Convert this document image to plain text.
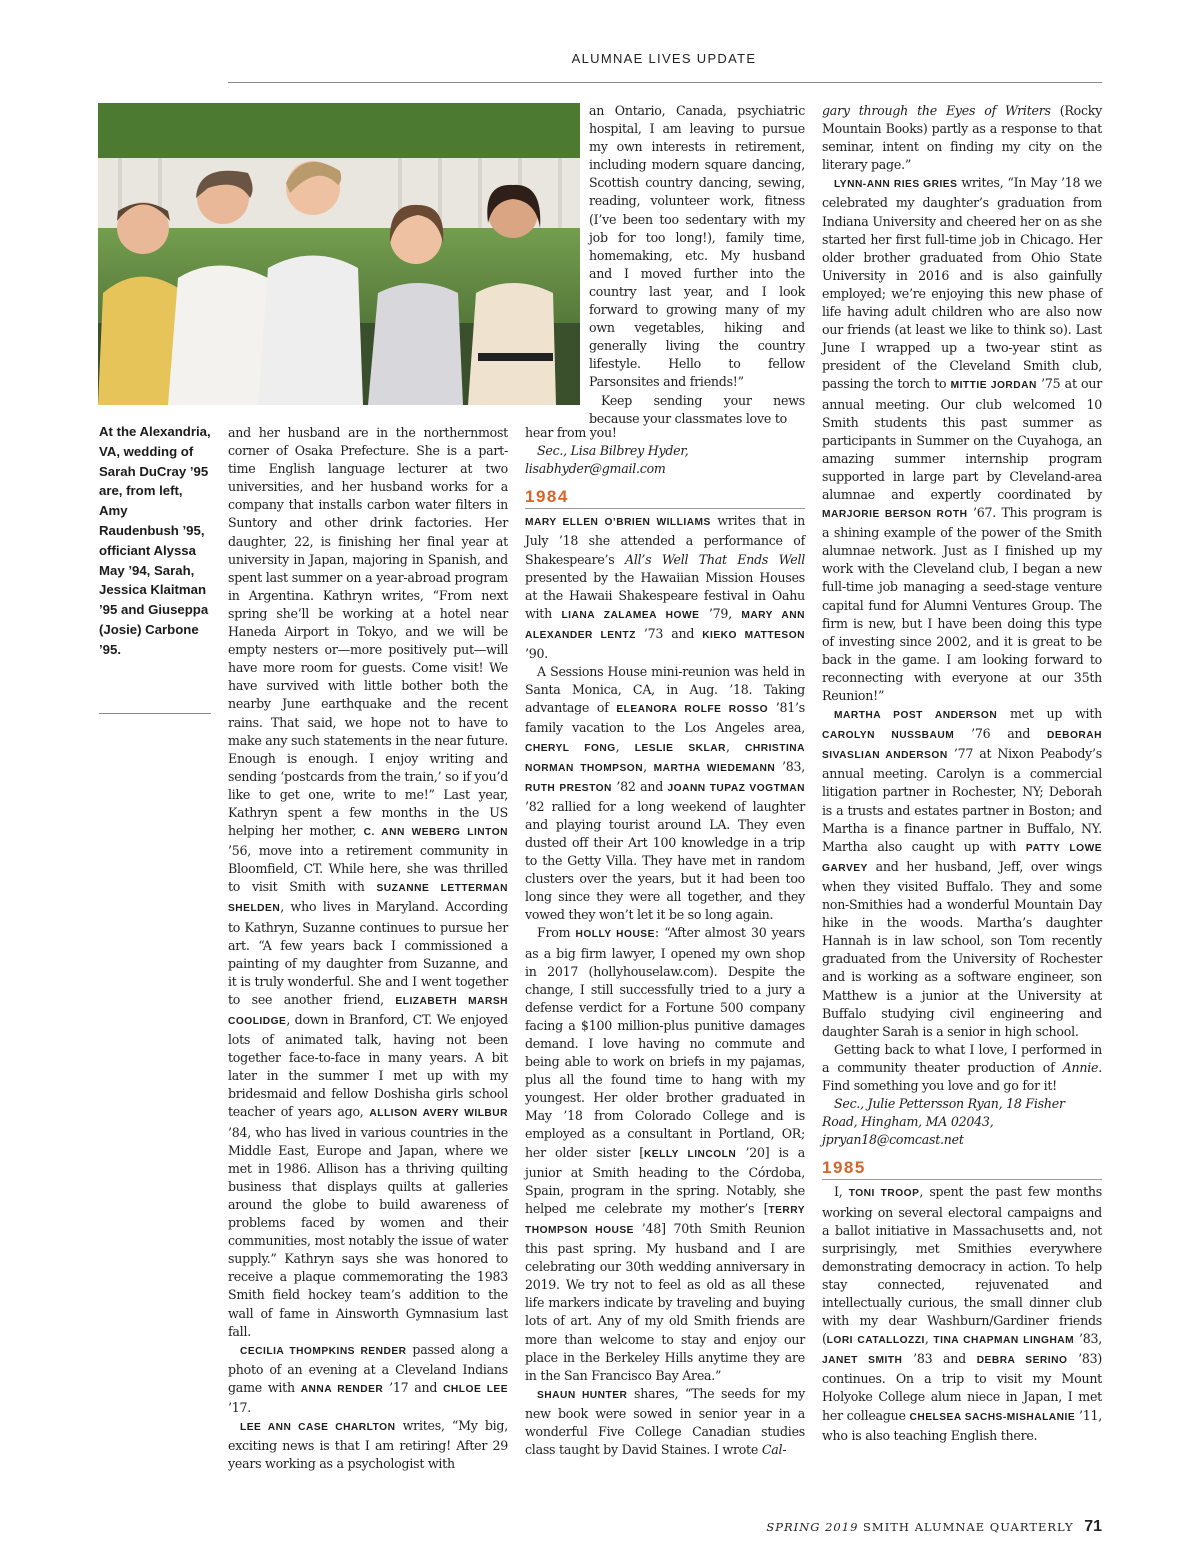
ALUMNAE LIVES UPDATE
At the Alexandria, VA, wedding of Sarah DuCray ’95 are, from left, Amy Raudenbush ’95, officiant Alyssa May ’94, Sarah, Jessica Klaitman ’95 and Giuseppa (Josie) Carbone ’95.

and her husband are in the northernmost corner of Osaka Prefecture. She is a part-time English language lecturer at two universities, and her husband works for a company that installs carbon water filters in Suntory and other drink factories. Her daughter, 22, is finishing her final year at university in Japan, majoring in Spanish, and spent last summer on a year-abroad program in Argentina. Kathryn writes, “From next spring she’ll be working at a hotel near Haneda Airport in Tokyo, and we will be empty nesters or—more positively put—will have more room for guests. Come visit! We have survived with little bother both the nearby June earthquake and the recent rains. That said, we hope not to have to make any such statements in the near future. Enough is enough. I enjoy writing and sending ‘postcards from the train,’ so if you’d like to get one, write to me!” Last year, Kathryn spent a few months in the US helping her mother, C. ANN WEBERG LINTON ’56, move into a retirement community in Bloomfield, CT. While here, she was thrilled to visit Smith with SUZANNE LETTERMAN SHELDEN, who lives in Maryland. According to Kathryn, Suzanne continues to pursue her art. “A few years back I commissioned a painting of my daughter from Suzanne, and it is truly wonderful. She and I went together to see another friend, ELIZABETH MARSH COOLIDGE, down in Branford, CT. We enjoyed lots of animated talk, having not been together face-to-face in many years. A bit later in the summer I met up with my bridesmaid and fellow Doshisha girls school teacher of years ago, ALLISON AVERY WILBUR ’84, who has lived in various countries in the Middle East, Europe and Japan, where we met in 1986. Allison has a thriving quilting business that displays quilts at galleries around the globe to build awareness of problems faced by women and their communities, most notably the issue of water supply.” Kathryn says she was honored to receive a plaque commemorating the 1983 Smith field hockey team’s addition to the wall of fame in Ainsworth Gymnasium last fall.

CECILIA THOMPKINS RENDER passed along a photo of an evening at a Cleveland Indians game with ANNA RENDER ’17 and CHLOE LEE ’17.

LEE ANN CASE CHARLTON writes, “My big, exciting news is that I am retiring! After 29 years working as a psychologist with

an Ontario, Canada, psychiatric hospital, I am leaving to pursue my own interests in retirement, including modern square dancing, Scottish country dancing, sewing, reading, volunteer work, fitness (I’ve been too sedentary with my job for too long!), family time, homemaking, etc. My husband and I moved further into the country last year, and I look forward to growing many of my own vegetables, hiking and generally living the country lifestyle. Hello to fellow Parsonsites and friends!”

Keep sending your news because your classmates love to

hear from you!

Sec., Lisa Bilbrey Hyder, lisabhyder@gmail.com

1984

MARY ELLEN O’BRIEN WILLIAMS writes that in July ’18 she attended a performance of Shakespeare’s All’s Well That Ends Well presented by the Hawaiian Mission Houses at the Hawaii Shakespeare festival in Oahu with LIANA ZALAMEA HOWE ’79, MARY ANN ALEXANDER LENTZ ’73 and KIEKO MATTESON ’90.

A Sessions House mini-reunion was held in Santa Monica, CA, in Aug. ’18. Taking advantage of ELEANORA ROLFE ROSSO ’81’s family vacation to the Los Angeles area, CHERYL FONG, LESLIE SKLAR, CHRISTINA NORMAN THOMPSON, MARTHA WIEDEMANN ’83, RUTH PRESTON ’82 and JOANN TUPAZ VOGTMAN ’82 rallied for a long weekend of laughter and playing tourist around LA. They even dusted off their Art 100 knowledge in a trip to the Getty Villa. They have met in random clusters over the years, but it had been too long since they were all together, and they vowed they won’t let it be so long again.

From HOLLY HOUSE: “After almost 30 years as a big firm lawyer, I opened my own shop in 2017 (hollyhouselaw.com). Despite the change, I still successfully tried to a jury a defense verdict for a Fortune 500 company facing a $100 million-plus punitive damages demand. I love having no commute and being able to work on briefs in my pajamas, plus all the found time to hang with my youngest. Her older brother graduated in May ’18 from Colorado College and is employed as a consultant in Portland, OR; her older sister [KELLY LINCOLN ’20] is a junior at Smith heading to the Córdoba, Spain, program in the spring. Notably, she helped me celebrate my mother’s [TERRY THOMPSON HOUSE ’48] 70th Smith Reunion this past spring. My husband and I are celebrating our 30th wedding anniversary in 2019. We try not to feel as old as all these life markers indicate by traveling and buying lots of art. Any of my old Smith friends are more than welcome to stay and enjoy our place in the Berkeley Hills anytime they are in the San Francisco Bay Area.”

SHAUN HUNTER shares, “The seeds for my new book were sowed in senior year in a wonderful Five College Canadian studies class taught by David Staines. I wrote Cal-

gary through the Eyes of Writers (Rocky Mountain Books) partly as a response to that seminar, intent on finding my city on the literary page.”

LYNN-ANN RIES GRIES writes, “In May ’18 we celebrated my daughter’s graduation from Indiana University and cheered her on as she started her first full-time job in Chicago. Her older brother graduated from Ohio State University in 2016 and is also gainfully employed; we’re enjoying this new phase of life having adult children who are also now our friends (at least we like to think so). Last June I wrapped up a two-year stint as president of the Cleveland Smith club, passing the torch to MITTIE JORDAN ’75 at our annual meeting. Our club welcomed 10 Smith students this past summer as participants in Summer on the Cuyahoga, an amazing summer internship program supported in large part by Cleveland-area alumnae and expertly coordinated by MARJORIE BERSON ROTH ’67. This program is a shining example of the power of the Smith alumnae network. Just as I finished up my work with the Cleveland club, I began a new full-time job managing a seed-stage venture capital fund for Alumni Ventures Group. The firm is new, but I have been doing this type of investing since 2002, and it is great to be back in the game. I am looking forward to reconnecting with everyone at our 35th Reunion!”

MARTHA POST ANDERSON met up with CAROLYN NUSSBAUM ’76 and DEBORAH SIVASLIAN ANDERSON ’77 at Nixon Peabody’s annual meeting. Carolyn is a commercial litigation partner in Rochester, NY; Deborah is a trusts and estates partner in Boston; and Martha is a finance partner in Buffalo, NY. Martha also caught up with PATTY LOWE GARVEY and her husband, Jeff, over wings when they visited Buffalo. They and some non-Smithies had a wonderful Mountain Day hike in the woods. Martha’s daughter Hannah is in law school, son Tom recently graduated from the University of Rochester and is working as a software engineer, son Matthew is a junior at the University at Buffalo studying civil engineering and daughter Sarah is a senior in high school.

Getting back to what I love, I performed in a community theater production of Annie. Find something you love and go for it!

Sec., Julie Pettersson Ryan, 18 Fisher Road, Hingham, MA 02043, jpryan18@comcast.net

1985

I, TONI TROOP, spent the past few months working on several electoral campaigns and a ballot initiative in Massachusetts and, not surprisingly, met Smithies everywhere demonstrating democracy in action. To help stay connected, rejuvenated and intellectually curious, the small dinner club with my dear Washburn/Gardiner friends (LORI CATALLOZZI, TINA CHAPMAN LINGHAM ’83, JANET SMITH ’83 and DEBRA SERINO ’83) continues. On a trip to visit my Mount Holyoke College alum niece in Japan, I met her colleague CHELSEA SACHS-MISHALANIE ’11, who is also teaching English there.

SPRING 2019 SMITH ALUMNAE QUARTERLY 71
